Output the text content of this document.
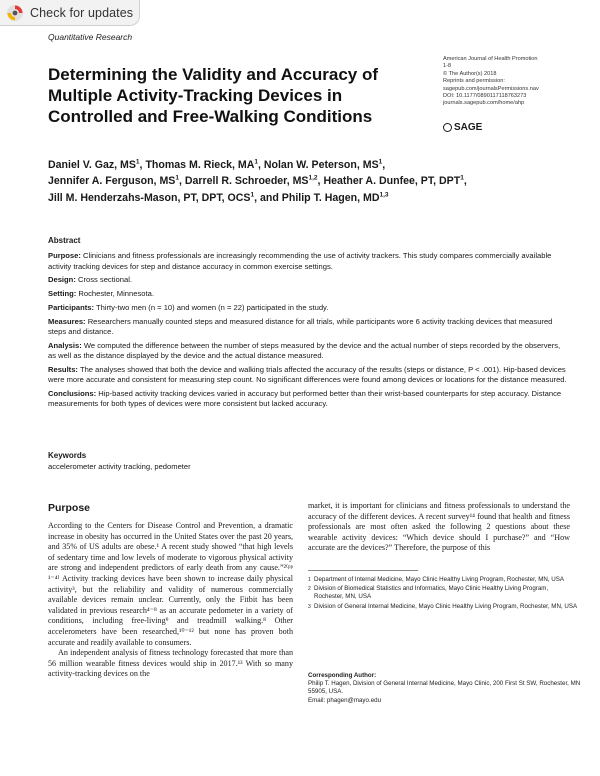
Check for updates
Quantitative Research
Determining the Validity and Accuracy of Multiple Activity-Tracking Devices in Controlled and Free-Walking Conditions
American Journal of Health Promotion
1-8
© The Author(s) 2018
Reprints and permission:
sagepub.com/journalsPermissions.nav
DOI: 10.1177/0890117118763273
journals.sagepub.com/home/ahp
SAGE
Daniel V. Gaz, $MS^1$, Thomas M. Rieck, $MA^1$, Nolan W. Peterson, $MS^1$,
Jennifer A. Ferguson, $MS^1$, Darrell R. Schroeder, MS$^{1,2}$, Heather A. Dunfee, PT, DPT$^1$,
Jill M. Henderzahs-Mason, PT, DPT, OCS$^1$, and Philip T. Hagen, MD$^{1,3}$
Abstract

Purpose: Clinicians and fitness professionals are increasingly recommending the use of activity trackers. This study compares commercially available activity tracking devices for step and distance accuracy in common exercise settings.

Design: Cross sectional.

Setting: Rochester, Minnesota.

Participants: Thirty-two men (n = 10) and women (n = 22) participated in the study.

Measures: Researchers manually counted steps and measured distance for all trials, while participants wore 6 activity tracking devices that measured steps and distance.

Analysis: We computed the difference between the number of steps measured by the device and the actual number of steps recorded by the observers, as well as the distance displayed by the device and the actual distance measured.

Results: The analyses showed that both the device and walking trials affected the accuracy of the results (steps or distance, P < .001). Hip-based devices were more accurate and consistent for measuring step count. No significant differences were found among devices or locations for the distance measured.

Conclusions: Hip-based activity tracking devices varied in accuracy but performed better than their wrist-based counterparts for step accuracy. Distance measurements for both types of devices were more consistent but lacked accuracy.

Keywords
accelerometer activity tracking, pedometer
Purpose

According to the Centers for Disease Control and Prevention, a dramatic increase in obesity has occurred in the United States over the past 20 years, and 35% of US adults are obese.¹ A recent study showed “that high levels of sedentary time and low levels of moderate to vigorous physical activity are strong and independent predictors of early death from any cause.”²⁽ᵖᵖ ¹⁻⁴⁾ Activity tracking devices have been shown to increase daily physical activity³, but the reliability and validity of numerous commercially available devices remain unclear. Currently, only the Fitbit has been validated in previous research⁴⁻⁸ as an accurate pedometer in a variety of conditions, including free-living⁹ and treadmill walking.⁸ Other accelerometers have been researched,¹⁰⁻¹² but none has proven both accurate and readily available to consumers.

An independent analysis of fitness technology forecasted that more than 56 million wearable fitness devices would ship in 2017.¹³ With so many activity-tracking devices on the

market, it is important for clinicians and fitness professionals to understand the accuracy of the different devices. A recent survey¹⁴ found that health and fitness professionals are most often asked the following 2 questions about these wearable activity devices: “Which device should I purchase?” and “How accurate are the devices?” Therefore, the purpose of this

1 Department of Internal Medicine, Mayo Clinic Healthy Living Program, Rochester, MN, USA
2 Division of Biomedical Statistics and Informatics, Mayo Clinic Healthy Living Program, Rochester, MN, USA
3 Division of General Internal Medicine, Mayo Clinic Healthy Living Program, Rochester, MN, USA
Corresponding Author:
Philip T. Hagen, Division of General Internal Medicine, Mayo Clinic, 200 First St SW, Rochester, MN 55905, USA.
Email: phagen@mayo.edu
